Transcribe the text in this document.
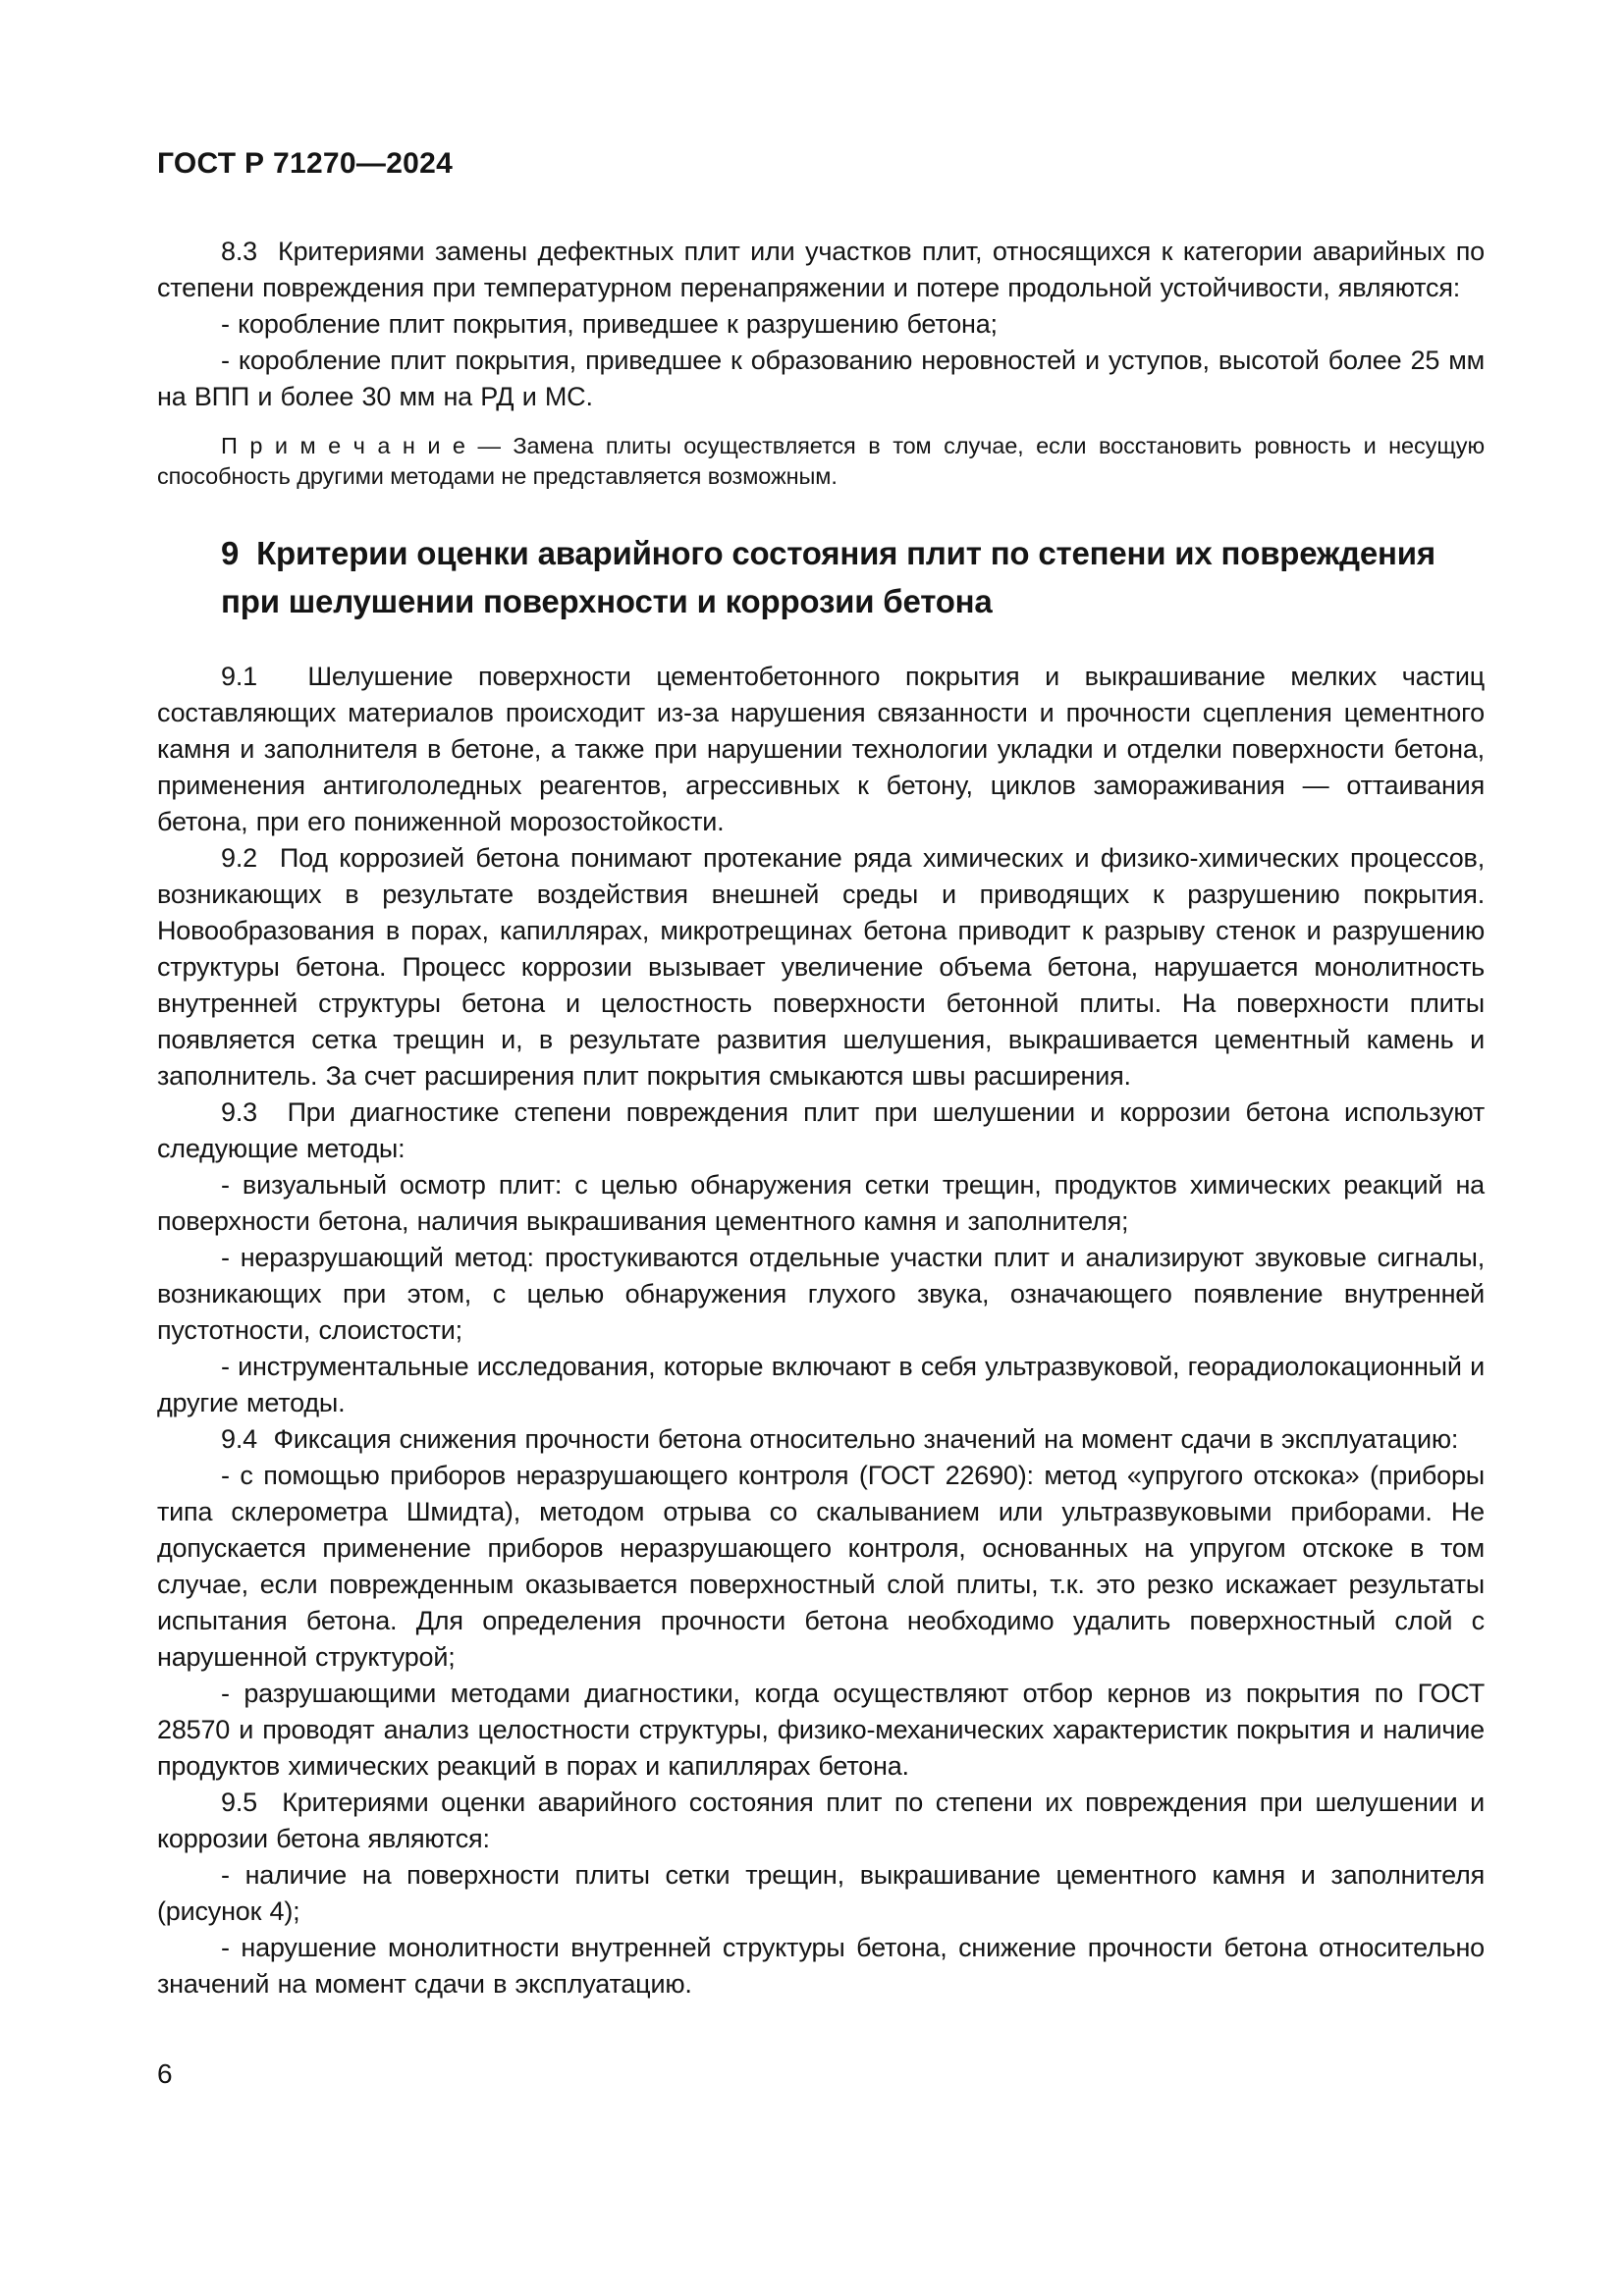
ГОСТ Р 71270—2024

8.3  Критериями замены дефектных плит или участков плит, относящихся к категории аварийных по степени повреждения при температурном перенапряжении и потере продольной устойчивости, являются:

- коробление плит покрытия, приведшее к разрушению бетона;

- коробление плит покрытия, приведшее к образованию неровностей и уступов, высотой более 25 мм на ВПП и более 30 мм на РД и МС.

П р и м е ч а н и е — Замена плиты осуществляется в том случае, если восстановить ровность и несущую способность другими методами не представляется возможным.

9  Критерии оценки аварийного состояния плит по степени их повреждения при шелушении поверхности и коррозии бетона

9.1  Шелушение поверхности цементобетонного покрытия и выкрашивание мелких частиц составляющих материалов происходит из-за нарушения связанности и прочности сцепления цементного камня и заполнителя в бетоне, а также при нарушении технологии укладки и отделки поверхности бетона, применения антигололедных реагентов, агрессивных к бетону, циклов замораживания — оттаивания бетона, при его пониженной морозостойкости.

9.2  Под коррозией бетона понимают протекание ряда химических и физико-химических процессов, возникающих в результате воздействия внешней среды и приводящих к разрушению покрытия. Новообразования в порах, капиллярах, микротрещинах бетона приводит к разрыву стенок и разрушению структуры бетона. Процесс коррозии вызывает увеличение объема бетона, нарушается монолитность внутренней структуры бетона и целостность поверхности бетонной плиты. На поверхности плиты появляется сетка трещин и, в результате развития шелушения, выкрашивается цементный камень и заполнитель. За счет расширения плит покрытия смыкаются швы расширения.

9.3  При диагностике степени повреждения плит при шелушении и коррозии бетона используют следующие методы:

- визуальный осмотр плит: с целью обнаружения сетки трещин, продуктов химических реакций на поверхности бетона, наличия выкрашивания цементного камня и заполнителя;

- неразрушающий метод: простукиваются отдельные участки плит и анализируют звуковые сигналы, возникающих при этом, с целью обнаружения глухого звука, означающего появление внутренней пустотности, слоистости;

- инструментальные исследования, которые включают в себя ультразвуковой, георадиолокационный и другие методы.

9.4  Фиксация снижения прочности бетона относительно значений на момент сдачи в эксплуатацию:

- с помощью приборов неразрушающего контроля (ГОСТ 22690): метод «упругого отскока» (приборы типа склерометра Шмидта), методом отрыва со скалыванием или ультразвуковыми приборами. Не допускается применение приборов неразрушающего контроля, основанных на упругом отскоке в том случае, если поврежденным оказывается поверхностный слой плиты, т.к. это резко искажает результаты испытания бетона. Для определения прочности бетона необходимо удалить поверхностный слой с нарушенной структурой;

- разрушающими методами диагностики, когда осуществляют отбор кернов из покрытия по ГОСТ 28570 и проводят анализ целостности структуры, физико-механических характеристик покрытия и наличие продуктов химических реакций в порах и капиллярах бетона.

9.5  Критериями оценки аварийного состояния плит по степени их повреждения при шелушении и коррозии бетона являются:

- наличие на поверхности плиты сетки трещин, выкрашивание цементного камня и заполнителя (рисунок 4);

- нарушение монолитности внутренней структуры бетона, снижение прочности бетона относительно значений на момент сдачи в эксплуатацию.

6
